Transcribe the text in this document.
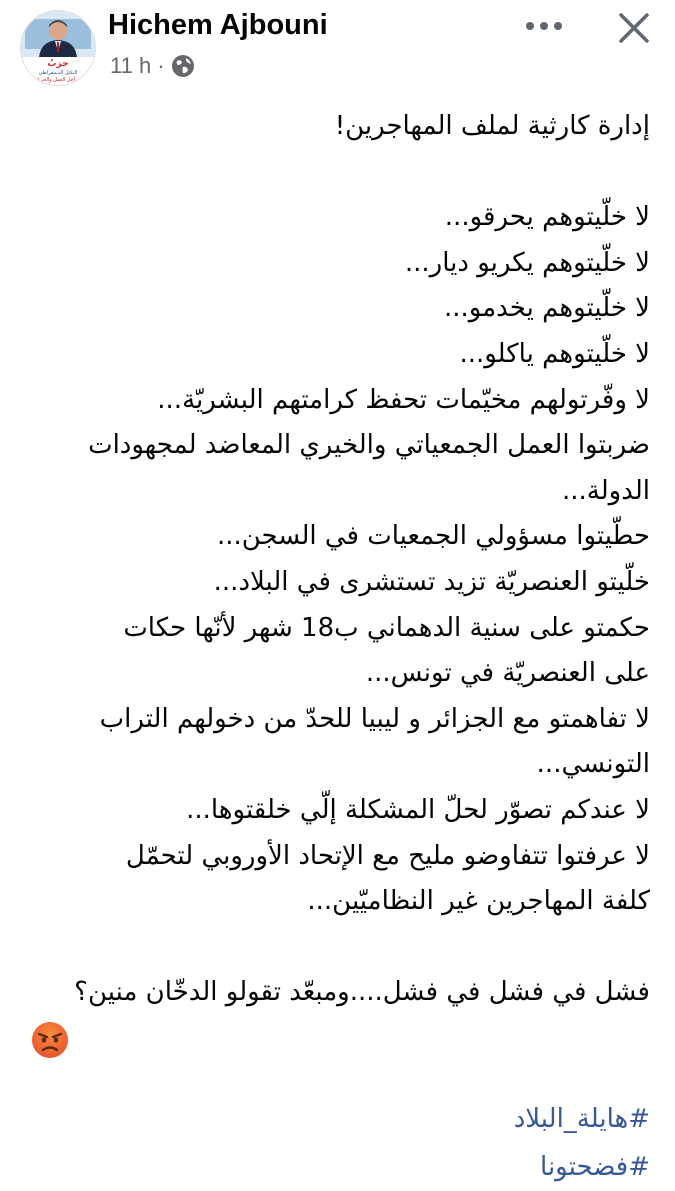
حزبُ
التكتل الديمقراطي
من أجل العمل والحريات
Hichem Ajbouni
11 h ·

إدارة كارثية لملف المهاجرين!

لا خلّيتوهم يحرقو...

لا خلّيتوهم يكريو ديار...

لا خلّيتوهم يخدمو...

لا خلّيتوهم ياكلو...

لا وفّرتولهم مخيّمات تحفظ كرامتهم البشريّة...

ضربتوا العمل الجمعياتي والخيري المعاضد لمجهودات

الدولة...

حطّيتوا مسؤولي الجمعيات في السجن...

خلّيتو العنصريّة تزيد تستشرى في البلاد...

حكمتو على سنية الدهماني ب18 شهر لأنّها حكات

على العنصريّة في تونس...

لا تفاهمتو مع الجزائر و ليبيا للحدّ من دخولهم التراب

التونسي...

لا عندكم تصوّر لحلّ المشكلة إلّي خلقتوها...

لا عرفتوا تتفاوضو مليح مع الإتحاد الأوروبي لتحمّل

كلفة المهاجرين غير النظاميّين...

فشل في فشل في فشل....ومبعّد تقولو الدخّان منين؟

#هايلة_البلاد
#فضحتونا
